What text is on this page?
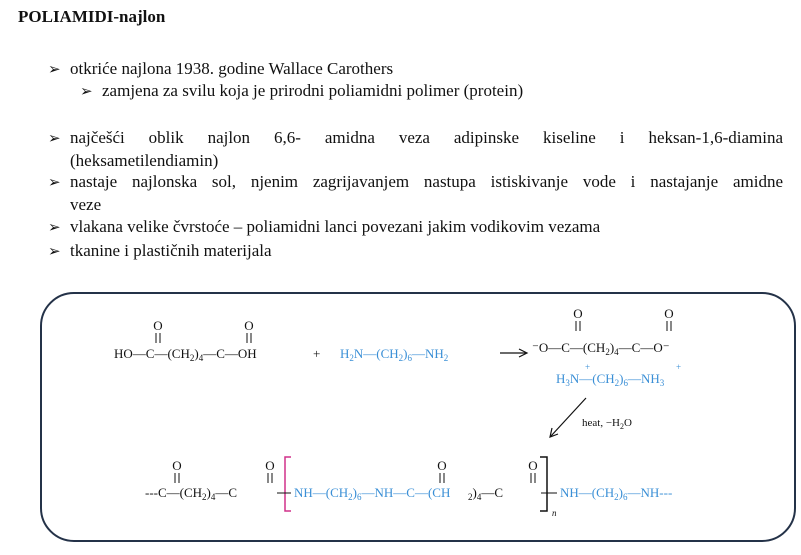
POLIAMIDI-najlon
➢ otkriće najlona 1938. godine Wallace Carothers
➢ zamjena za svilu koja je prirodni poliamidni polimer (protein)
➢ najčešći oblik najlon 6,6- amidna veza adipinske kiseline i heksan-1,6-diamina
(heksametilendiamin)
➢ nastaje najlonska sol, njenim zagrijavanjem nastupa istiskivanje vode i nastajanje amidne
veze
➢ vlakana velike čvrstoće – poliamidni lanci povezani jakim vodikovim vezama
➢ tkanine i plastičnih materijala
O	O
$HO—C—(CH_2)_4—C—OH$	+ $H_2N—(CH_2)_6—NH_2$
O	O
$^-O—C—(CH_2)_4—C—O^-$
+	+
$H_3N—(CH_2)_6—NH_3$
heat, $-H_2O$
O	O	O	O
$---C—(CH_2)_4—C$	$NH—(CH_2)_6—NH—C—(CH$ $_2)_4—C$
n
$NH—(CH_2)_6—NH---$
